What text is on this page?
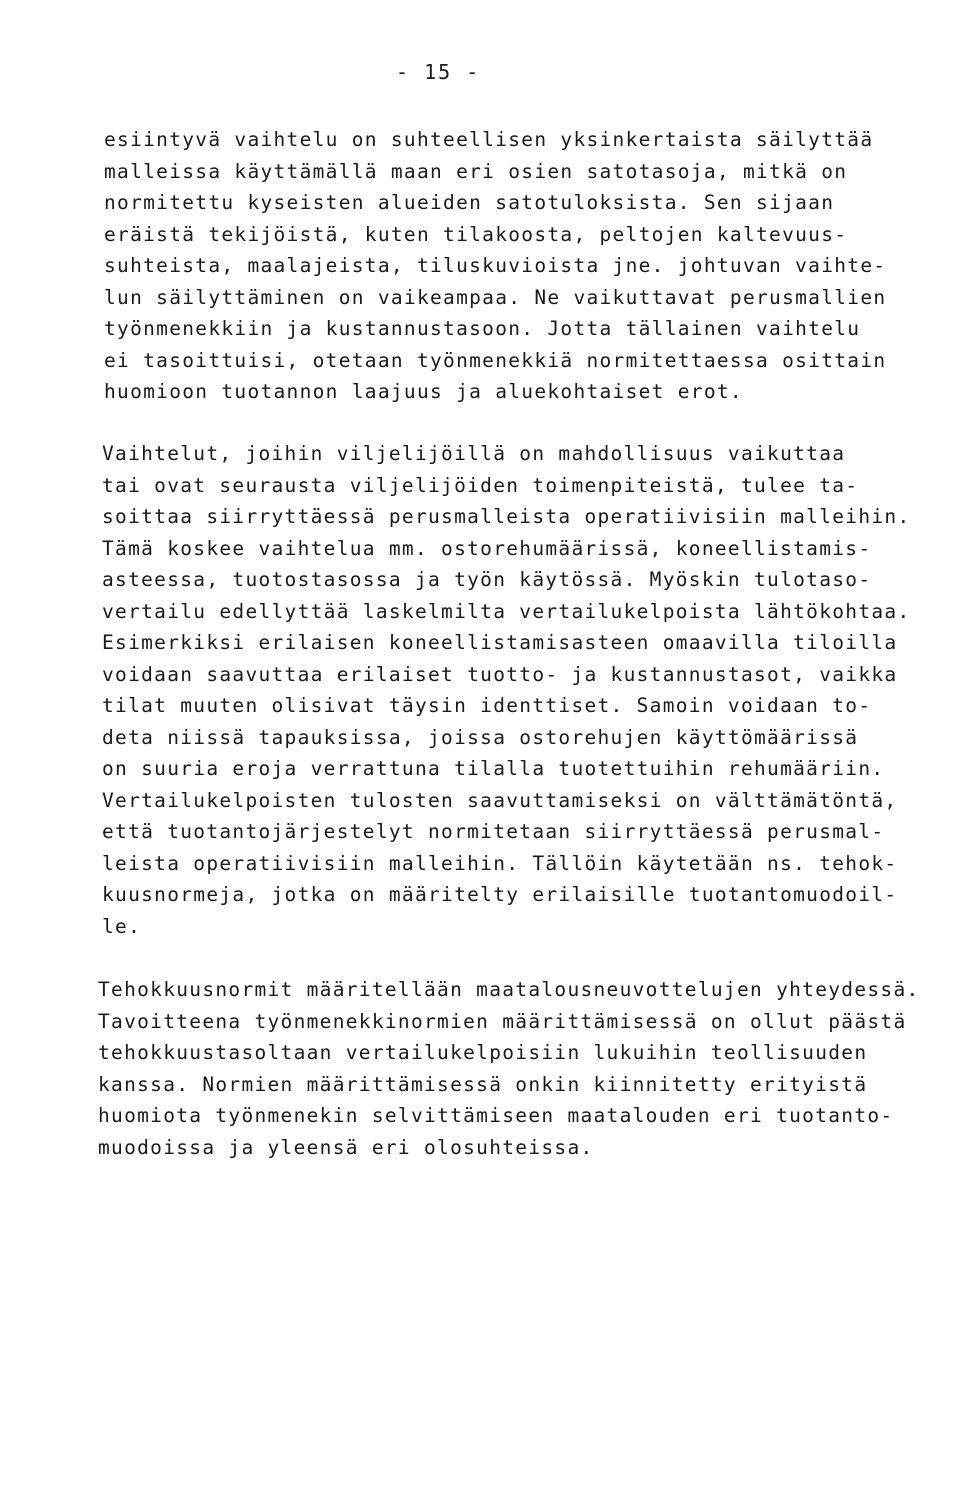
- 15 -
esiintyvä vaihtelu on suhteellisen yksinkertaista säilyttää
malleissa käyttämällä maan eri osien satotasoja, mitkä on
normitettu kyseisten alueiden satotuloksista. Sen sijaan
eräistä tekijöistä, kuten tilakoosta, peltojen kaltevuus-
suhteista, maalajeista, tiluskuvioista jne. johtuvan vaihte-
lun säilyttäminen on vaikeampaa. Ne vaikuttavat perusmallien
työnmenekkiin ja kustannustasoon. Jotta tällainen vaihtelu
ei tasoittuisi, otetaan työnmenekkiä normitettaessa osittain
huomioon tuotannon laajuus ja aluekohtaiset erot.
Vaihtelut, joihin viljelijöillä on mahdollisuus vaikuttaa
tai ovat seurausta viljelijöiden toimenpiteistä, tulee ta-
soittaa siirryttäessä perusmalleista operatiivisiin malleihin.
Tämä koskee vaihtelua mm. ostorehumäärissä, koneellistamis-
asteessa, tuotostasossa ja työn käytössä. Myöskin tulotaso-
vertailu edellyttää laskelmilta vertailukelpoista lähtökohtaa.
Esimerkiksi erilaisen koneellistamisasteen omaavilla tiloilla
voidaan saavuttaa erilaiset tuotto- ja kustannustasot, vaikka
tilat muuten olisivat täysin identtiset. Samoin voidaan to-
deta niissä tapauksissa, joissa ostorehujen käyttömäärissä
on suuria eroja verrattuna tilalla tuotettuihin rehumääriin.
Vertailukelpoisten tulosten saavuttamiseksi on välttämätöntä,
että tuotantojärjestelyt normitetaan siirryttäessä perusmal-
leista operatiivisiin malleihin. Tällöin käytetään ns. tehok-
kuusnormeja, jotka on määritelty erilaisille tuotantomuodoil-
le.
Tehokkuusnormit määritellään maatalousneuvottelujen yhteydessä.
Tavoitteena työnmenekkinormien määrittämisessä on ollut päästä
tehokkuustasoltaan vertailukelpoisiin lukuihin teollisuuden
kanssa. Normien määrittämisessä onkin kiinnitetty erityistä
huomiota työnmenekin selvittämiseen maatalouden eri tuotanto-
muodoissa ja yleensä eri olosuhteissa.
